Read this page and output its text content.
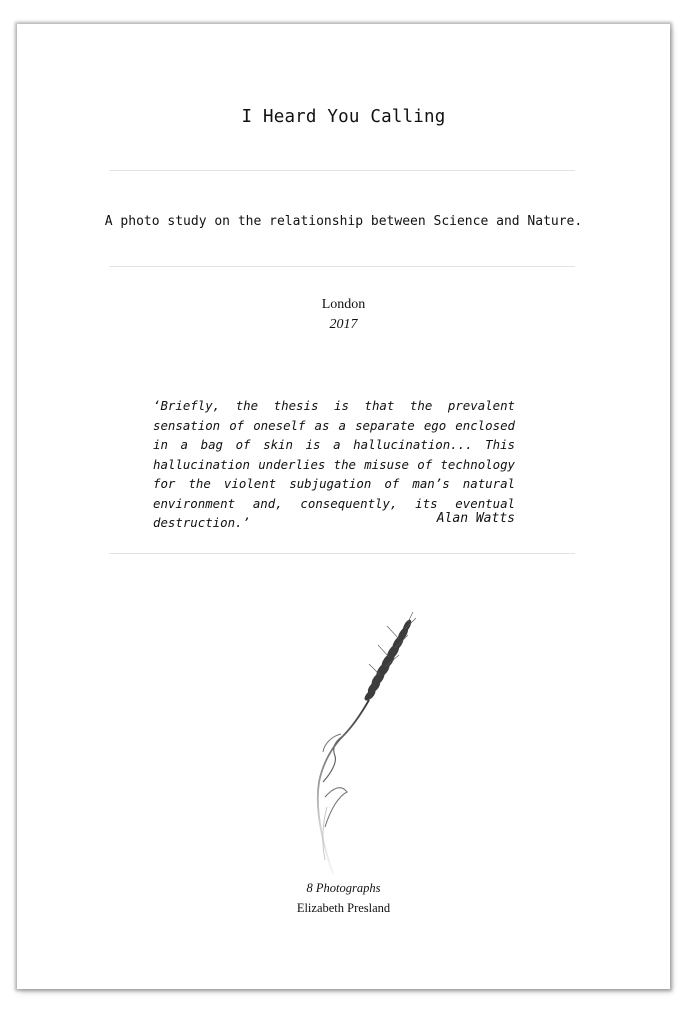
I Heard You Calling
A photo study on the relationship between Science and Nature.
London
2017
‘Briefly, the thesis is that the prevalent sensation of oneself as a separate ego enclosed in a bag of skin is a hallucination... This hallucination underlies the misuse of technology for the violent subjugation of man’s natural environment and, consequently, its eventual destruction.’	Alan Watts
8 Photographs
Elizabeth Presland
